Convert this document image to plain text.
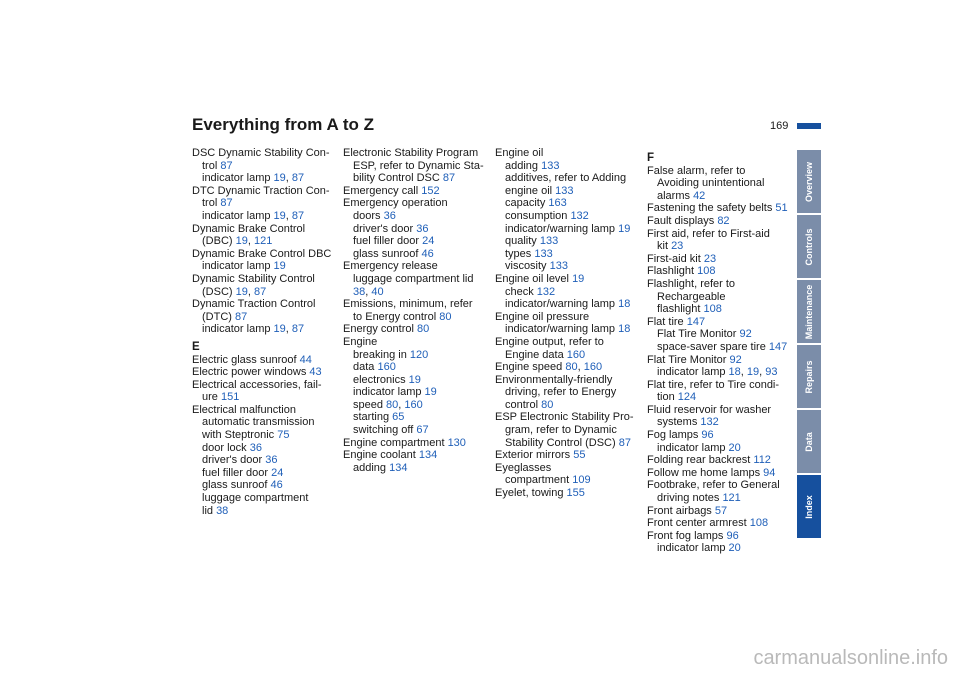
Everything from A to Z	169
DSC Dynamic Stability Con-
trol 87
indicator lamp 19, 87
DTC Dynamic Traction Con-
trol 87
indicator lamp 19, 87
Dynamic Brake Control
(DBC) 19, 121
Dynamic Brake Control DBC
indicator lamp 19
Dynamic Stability Control
(DSC) 19, 87
Dynamic Traction Control
(DTC) 87
indicator lamp 19, 87
E
Electric glass sunroof 44
Electric power windows 43
Electrical accessories, fail-
ure 151
Electrical malfunction
automatic transmission
with Steptronic 75
door lock 36
driver's door 36
fuel filler door 24
glass sunroof 46
luggage compartment
lid 38
Electronic Stability Program
ESP, refer to Dynamic Sta-
bility Control DSC 87
Emergency call 152
Emergency operation
doors 36
driver's door 36
fuel filler door 24
glass sunroof 46
Emergency release
luggage compartment lid
38, 40
Emissions, minimum, refer
to Energy control 80
Energy control 80
Engine
breaking in 120
data 160
electronics 19
indicator lamp 19
speed 80, 160
starting 65
switching off 67
Engine compartment 130
Engine coolant 134
adding 134
Engine oil
adding 133
additives, refer to Adding
engine oil 133
capacity 163
consumption 132
indicator/warning lamp 19
quality 133
types 133
viscosity 133
Engine oil level 19
check 132
indicator/warning lamp 18
Engine oil pressure
indicator/warning lamp 18
Engine output, refer to
Engine data 160
Engine speed 80, 160
Environmentally-friendly
driving, refer to Energy
control 80
ESP Electronic Stability Pro-
gram, refer to Dynamic
Stability Control (DSC) 87
Exterior mirrors 55
Eyeglasses
compartment 109
Eyelet, towing 155
F
False alarm, refer to
Avoiding unintentional
alarms 42
Fastening the safety belts 51
Fault displays 82
First aid, refer to First-aid
kit 23
First-aid kit 23
Flashlight 108
Flashlight, refer to
Rechargeable
flashlight 108
Flat tire 147
Flat Tire Monitor 92
space-saver spare tire 147
Flat Tire Monitor 92
indicator lamp 18, 19, 93
Flat tire, refer to Tire condi-
tion 124
Fluid reservoir for washer
systems 132
Fog lamps 96
indicator lamp 20
Folding rear backrest 112
Follow me home lamps 94
Footbrake, refer to General
driving notes 121
Front airbags 57
Front center armrest 108
Front fog lamps 96
indicator lamp 20
Overview
Controls
Maintenance
Repairs
Data
Index
carmanualsonline.info
